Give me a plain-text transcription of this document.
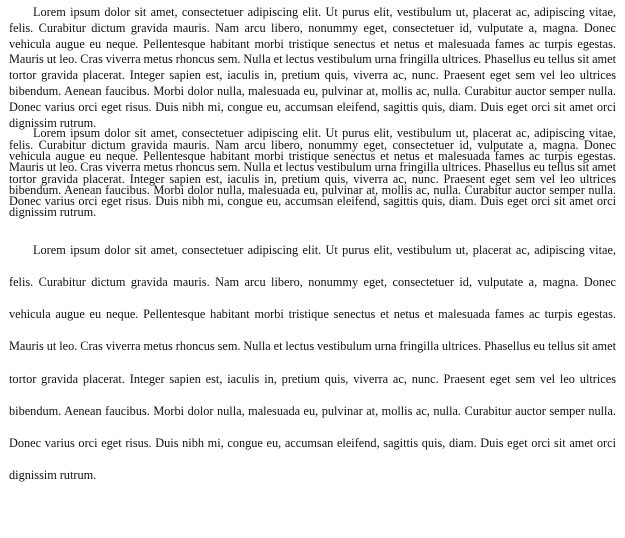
Lorem ipsum dolor sit amet, consectetuer adipiscing elit. Ut purus elit, vestibulum ut, placerat ac, adipiscing vitae, felis. Curabitur dictum gravida mauris. Nam arcu libero, nonummy eget, consectetuer id, vulputate a, magna. Donec vehicula augue eu neque. Pellentesque habitant morbi tristique senectus et netus et malesuada fames ac turpis egestas. Mauris ut leo. Cras viverra metus rhoncus sem. Nulla et lectus vestibulum urna fringilla ultrices. Phasellus eu tellus sit amet tortor gravida placerat. Integer sapien est, iaculis in, pretium quis, viverra ac, nunc. Praesent eget sem vel leo ultrices bibendum. Aenean faucibus. Morbi dolor nulla, malesuada eu, pulvinar at, mollis ac, nulla. Curabitur auctor semper nulla. Donec varius orci eget risus. Duis nibh mi, congue eu, accumsan eleifend, sagittis quis, diam. Duis eget orci sit amet orci dignissim rutrum.

Lorem ipsum dolor sit amet, consectetuer adipiscing elit. Ut purus elit, vestibulum ut, placerat ac, adipiscing vitae, felis. Curabitur dictum gravida mauris. Nam arcu libero, nonummy eget, consectetuer id, vulputate a, magna. Donec vehicula augue eu neque. Pellentesque habitant morbi tristique senectus et netus et malesuada fames ac turpis egestas. Mauris ut leo. Cras viverra metus rhoncus sem. Nulla et lectus vestibulum urna fringilla ultrices. Phasellus eu tellus sit amet tortor gravida placerat. Integer sapien est, iaculis in, pretium quis, viverra ac, nunc. Praesent eget sem vel leo ultrices bibendum. Aenean faucibus. Morbi dolor nulla, malesuada eu, pulvinar at, mollis ac, nulla. Curabitur auctor semper nulla. Donec varius orci eget risus. Duis nibh mi, congue eu, accumsan eleifend, sagittis quis, diam. Duis eget orci sit amet orci dignissim rutrum.

Lorem ipsum dolor sit amet, consectetuer adipiscing elit. Ut purus elit, vestibulum ut, placerat ac, adipiscing vitae, felis. Curabitur dictum gravida mauris. Nam arcu libero, nonummy eget, consectetuer id, vulputate a, magna. Donec vehicula augue eu neque. Pellentesque habitant morbi tristique senectus et netus et malesuada fames ac turpis egestas. Mauris ut leo. Cras viverra metus rhoncus sem. Nulla et lectus vestibulum urna fringilla ultrices. Phasellus eu tellus sit amet tortor gravida placerat. Integer sapien est, iaculis in, pretium quis, viverra ac, nunc. Praesent eget sem vel leo ultrices bibendum. Aenean faucibus. Morbi dolor nulla, malesuada eu, pulvinar at, mollis ac, nulla. Curabitur auctor semper nulla. Donec varius orci eget risus. Duis nibh mi, congue eu, accumsan eleifend, sagittis quis, diam. Duis eget orci sit amet orci dignissim rutrum.
